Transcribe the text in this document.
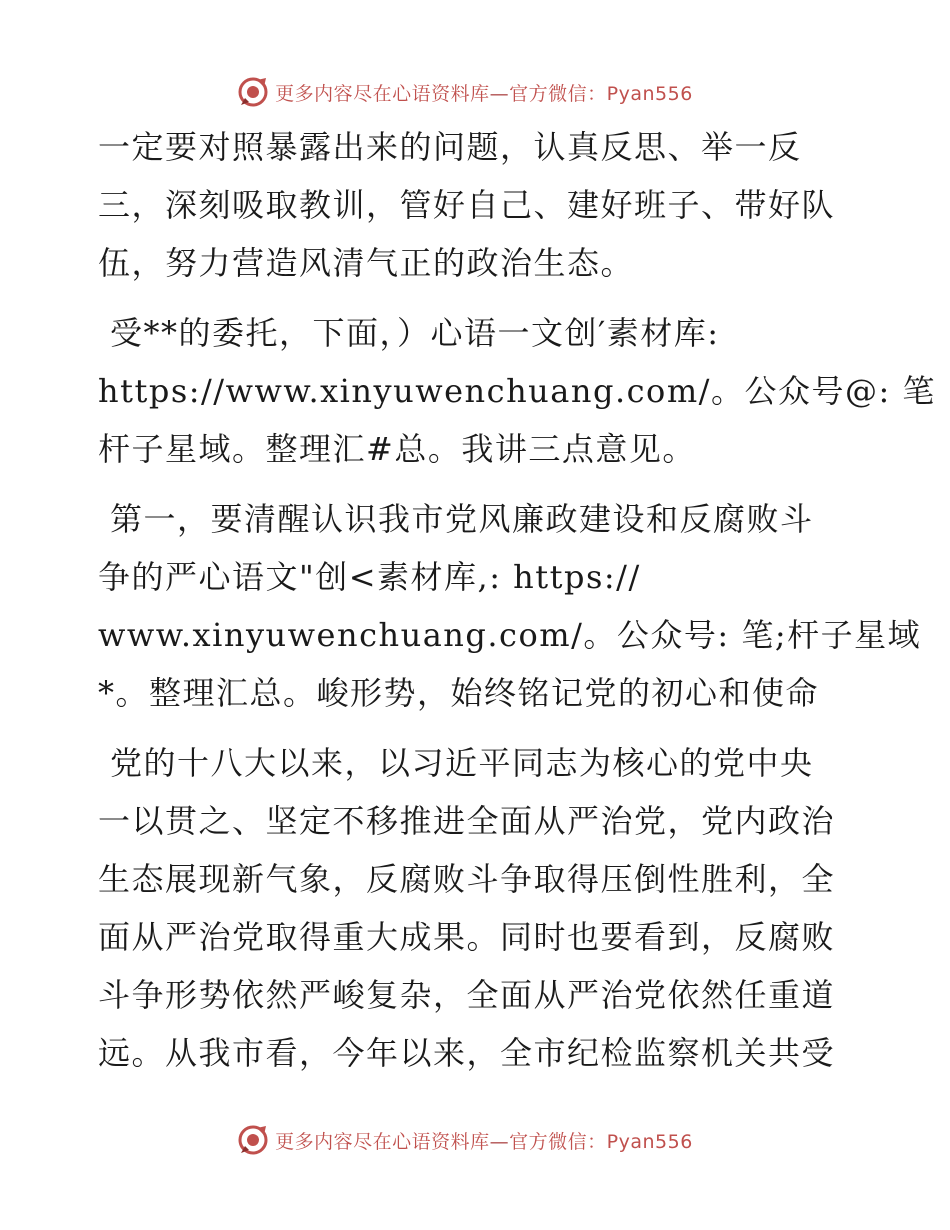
更多内容尽在心语资料库—官方微信：Pyan556

一定要对照暴露出来的问题，认真反思、举一反
三，深刻吸取教训，管好自己、建好班子、带好队
伍，努力营造风清气正的政治生态。

受**的委托，下面，）心语一文创′素材库:
https://www.xinyuwenchuang.com/。公众号@: 笔
杆子星域。整理汇#总。我讲三点意见。

第一，要清醒认识我市党风廉政建设和反腐败斗
争的严心语文"创<素材库,: https://
www.xinyuwenchuang.com/。公众号: 笔;杆子星域
*。整理汇总。峻形势，始终铭记党的初心和使命

党的十八大以来，以习近平同志为核心的党中央
一以贯之、坚定不移推进全面从严治党，党内政治
生态展现新气象，反腐败斗争取得压倒性胜利，全
面从严治党取得重大成果。同时也要看到，反腐败
斗争形势依然严峻复杂，全面从严治党依然任重道
远。从我市看，今年以来，全市纪检监察机关共受

更多内容尽在心语资料库—官方微信：Pyan556
